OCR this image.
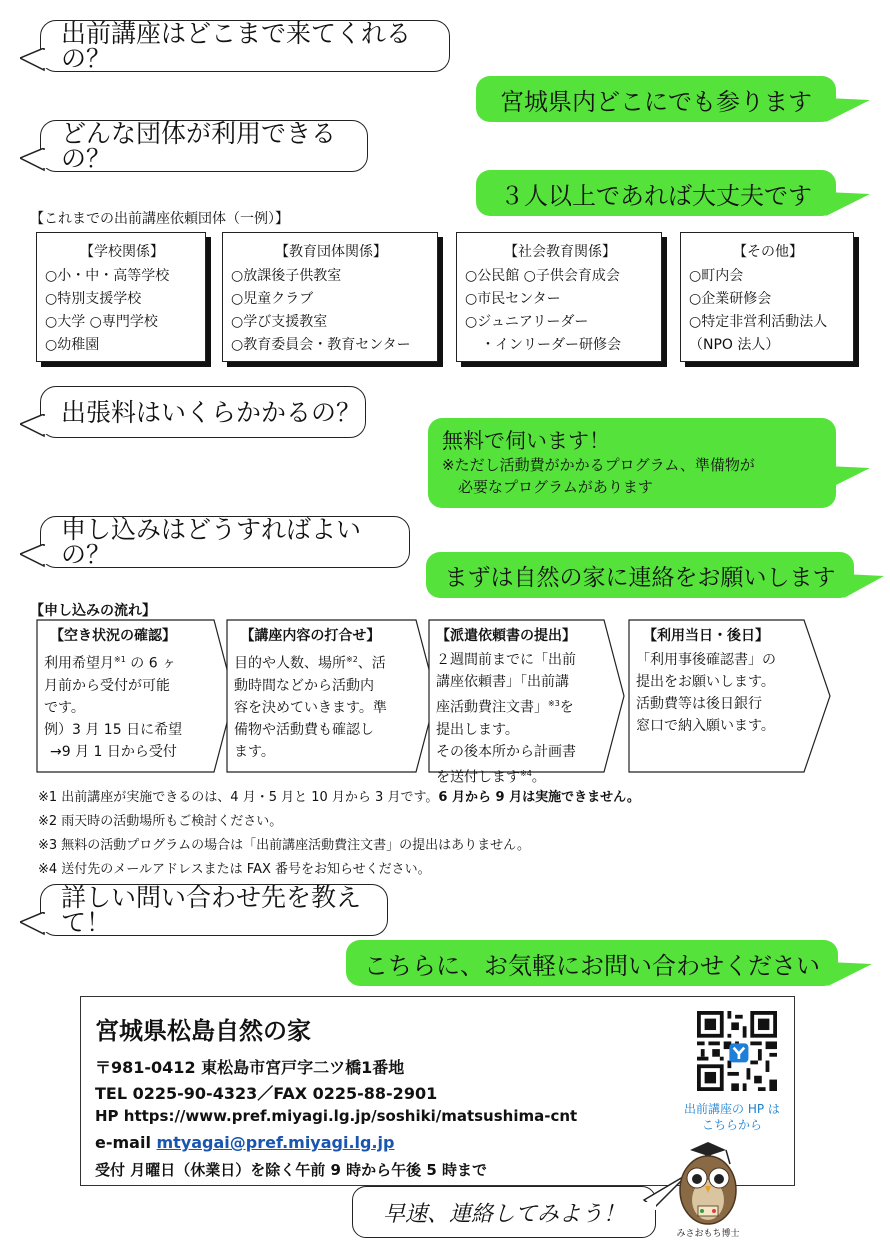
出前講座はどこまで来てくれるの？
宮城県内どこにでも参ります
どんな団体が利用できるの？
３人以上であれば大丈夫です
【これまでの出前講座依頼団体（一例）】
【学校関係】
○小・中・高等学校
○特別支援学校
○大学 ○専門学校
○幼稚園
【教育団体関係】
○放課後子供教室
○児童クラブ
○学び支援教室
○教育委員会・教育センター
【社会教育関係】
○公民館 ○子供会育成会
○市民センター
○ジュニアリーダー
・インリーダー研修会
【その他】
○町内会
○企業研修会
○特定非営利活動法人
（NPO 法人）
出張料はいくらかかるの？
無料で伺います！
※ただし活動費がかかるプログラム、準備物が
必要なプログラムがあります
申し込みはどうすればよいの？
まずは自然の家に連絡をお願いします
【申し込みの流れ】
【空き状況の確認】
利用希望月$^{※1}$ の 6 ヶ
月前から受付が可能
です。
例）3 月 15 日に希望
→9 月 1 日から受付
【講座内容の打合せ】
目的や人数、場所$^{※2}$、活
動時間などから活動内
容を決めていきます。準
備物や活動費も確認し
ます。
【派遣依頼書の提出】
２週間前までに「出前
講座依頼書」「出前講
座活動費注文書」$^{※3}$を
提出します。
その後本所から計画書
を送付します$^{※4}$。
【利用当日・後日】
「利用事後確認書」の
提出をお願いします。
活動費等は後日銀行
窓口で納入願います。
※1 出前講座が実施できるのは、4 月・5 月と 10 月から 3 月です。6 月から 9 月は実施できません。
※2 雨天時の活動場所もご検討ください。
※3 無料の活動プログラムの場合は「出前講座活動費注文書」の提出はありません。
※4 送付先のメールアドレスまたは FAX 番号をお知らせください。
詳しい問い合わせ先を教えて！
こちらに、お気軽にお問い合わせください
宮城県松島自然の家
〒981-0412 東松島市宮戸字二ツ橋1番地
TEL 0225-90-4323／FAX 0225-88-2901
HP https://www.pref.miyagi.lg.jp/soshiki/matsushima-cnt
e-mail mtyagai@pref.miyagi.lg.jp
受付 月曜日（休業日）を除く午前 9 時から午後 5 時まで
出前講座の HP は こちらから
早速、連絡してみよう！
みさおもち博士
